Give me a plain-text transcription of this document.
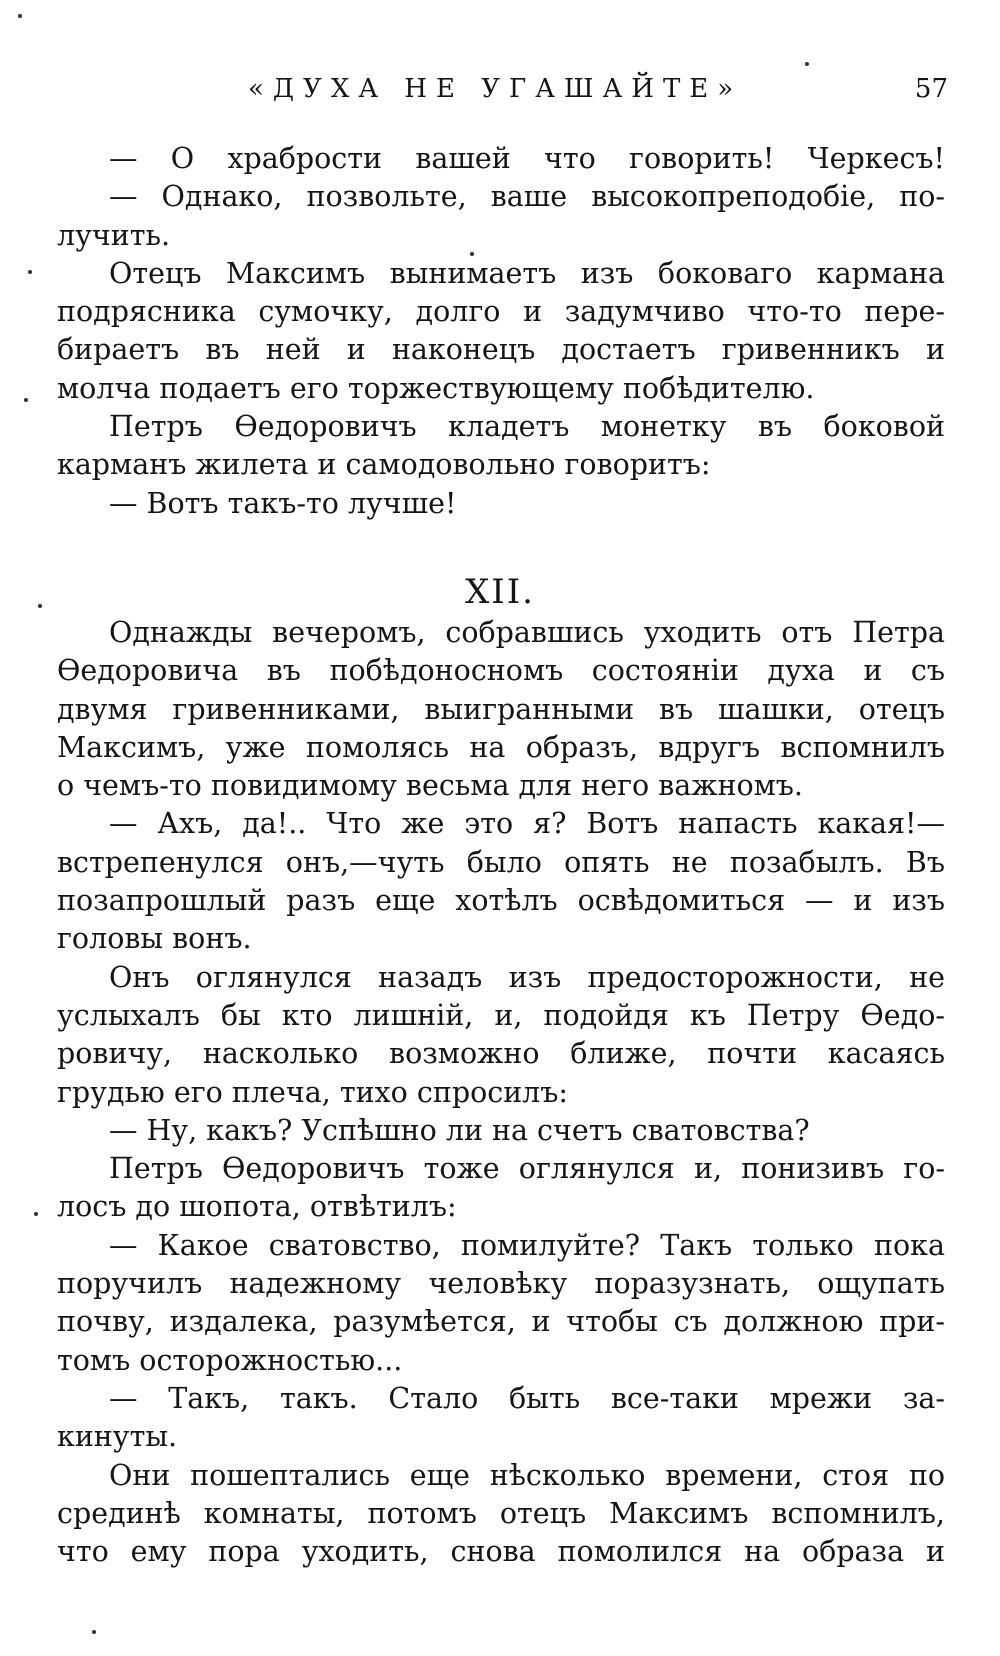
«ДУХА НЕ УГАШАЙТЕ»	57
— О храбрости вашей что говорить! Черкесъ!
— Однако, позвольте, ваше высокопреподобіе, по-
лучить.
Отецъ Максимъ вынимаетъ изъ боковаго кармана
подрясника сумочку, долго и задумчиво что-то пере-
бираетъ въ ней и наконецъ достаетъ гривенникъ и
молча подаетъ его торжествующему побѣдителю.
Петръ Ѳедоровичъ кладетъ монетку въ боковой
карманъ жилета и самодовольно говоритъ:
— Вотъ такъ-то лучше!
XII.
Однажды вечеромъ, собравшись уходить отъ Петра
Ѳедоровича въ побѣдоносномъ состояніи духа и съ
двумя гривенниками, выигранными въ шашки, отецъ
Максимъ, уже помолясь на образъ, вдругъ вспомнилъ
о чемъ-то повидимому весьма для него важномъ.
— Ахъ, да!.. Что же это я? Вотъ напасть какая!—
встрепенулся онъ,—чуть было опять не позабылъ. Въ
позапрошлый разъ еще хотѣлъ освѣдомиться — и изъ
головы вонъ.
Онъ оглянулся назадъ изъ предосторожности, не
услыхалъ бы кто лишній, и, подойдя къ Петру Ѳедо-
ровичу, насколько возможно ближе, почти касаясь
грудью его плеча, тихо спросилъ:
— Ну, какъ? Успѣшно ли на счетъ сватовства?
Петръ Ѳедоровичъ тоже оглянулся и, понизивъ го-
лосъ до шопота, отвѣтилъ:
— Какое сватовство, помилуйте? Такъ только пока
поручилъ надежному человѣку поразузнать, ощупать
почву, издалека, разумѣется, и чтобы съ должною при-
томъ осторожностью...
— Такъ, такъ. Стало быть все-таки мрежи за-
кинуты.
Они пошептались еще нѣсколько времени, стоя по
срединѣ комнаты, потомъ отецъ Максимъ вспомнилъ,
что ему пора уходить, снова помолился на образа и
